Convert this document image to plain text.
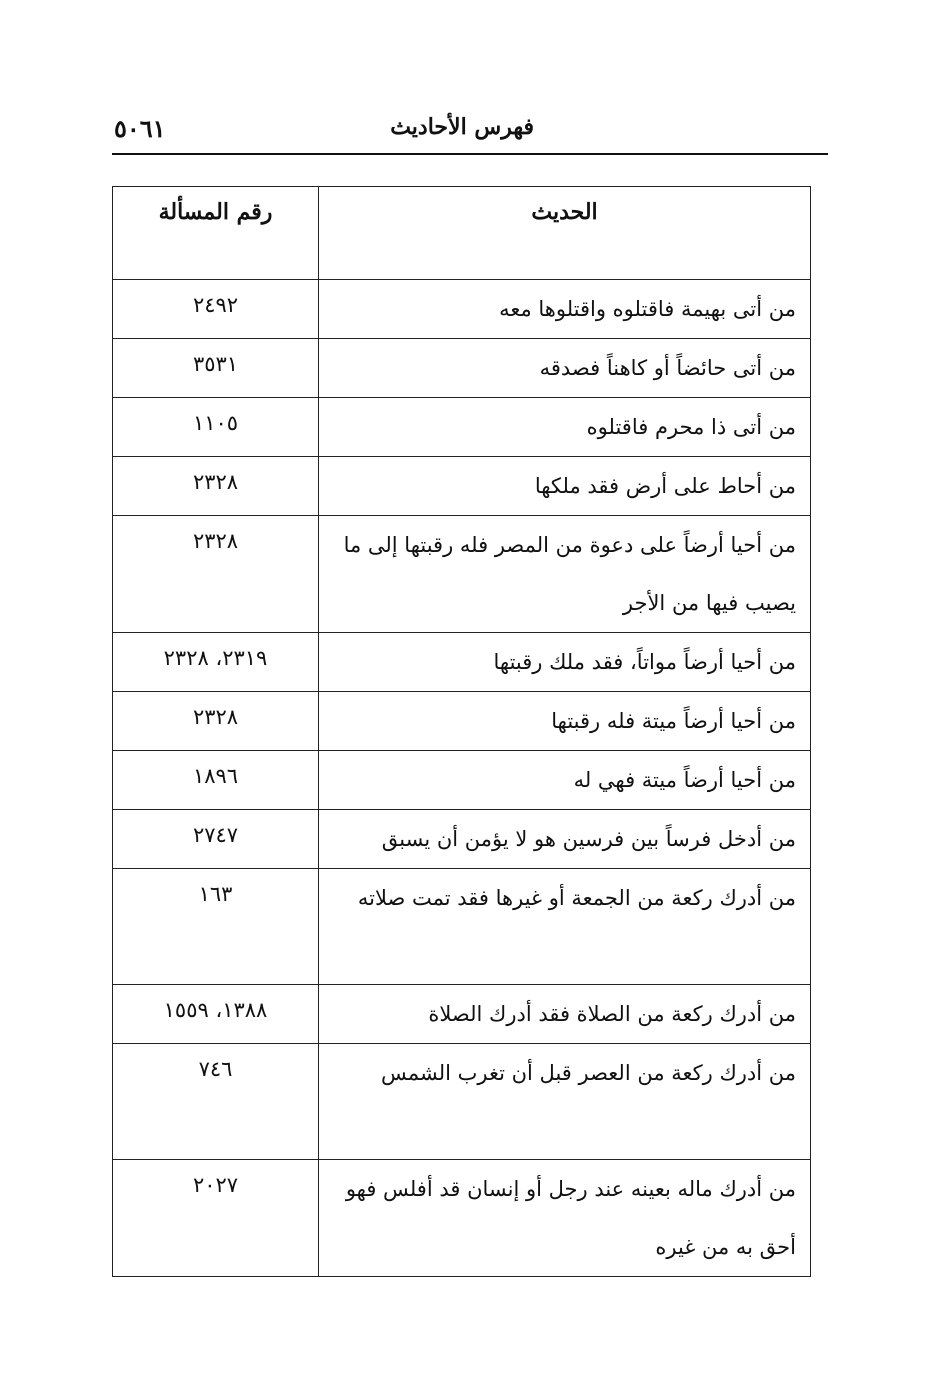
فهرس الأحاديث
٥٠٦١
الحديث	رقم المسألة
من أتى بهيمة فاقتلوه واقتلوها معه	٢٤٩٢
من أتى حائضاً أو كاهناً فصدقه	٣٥٣١
من أتى ذا محرم فاقتلوه	١١٠٥
من أحاط على أرض فقد ملكها	٢٣٢٨
من أحيا أرضاً على دعوة من المصر فله رقبتها إلى ما يصيب فيها من الأجر	٢٣٢٨
من أحيا أرضاً مواتاً، فقد ملك رقبتها	٢٣١٩، ٢٣٢٨
من أحيا أرضاً ميتة فله رقبتها	٢٣٢٨
من أحيا أرضاً ميتة فهي له	١٨٩٦
من أدخل فرساً بين فرسين هو لا يؤمن أن يسبق	٢٧٤٧
من أدرك ركعة من الجمعة أو غيرها فقد تمت صلاته	١٦٣
من أدرك ركعة من الصلاة فقد أدرك الصلاة	١٣٨٨، ١٥٥٩
من أدرك ركعة من العصر قبل أن تغرب الشمس	٧٤٦
من أدرك ماله بعينه عند رجل أو إنسان قد أفلس فهو أحق به من غيره	٢٠٢٧
